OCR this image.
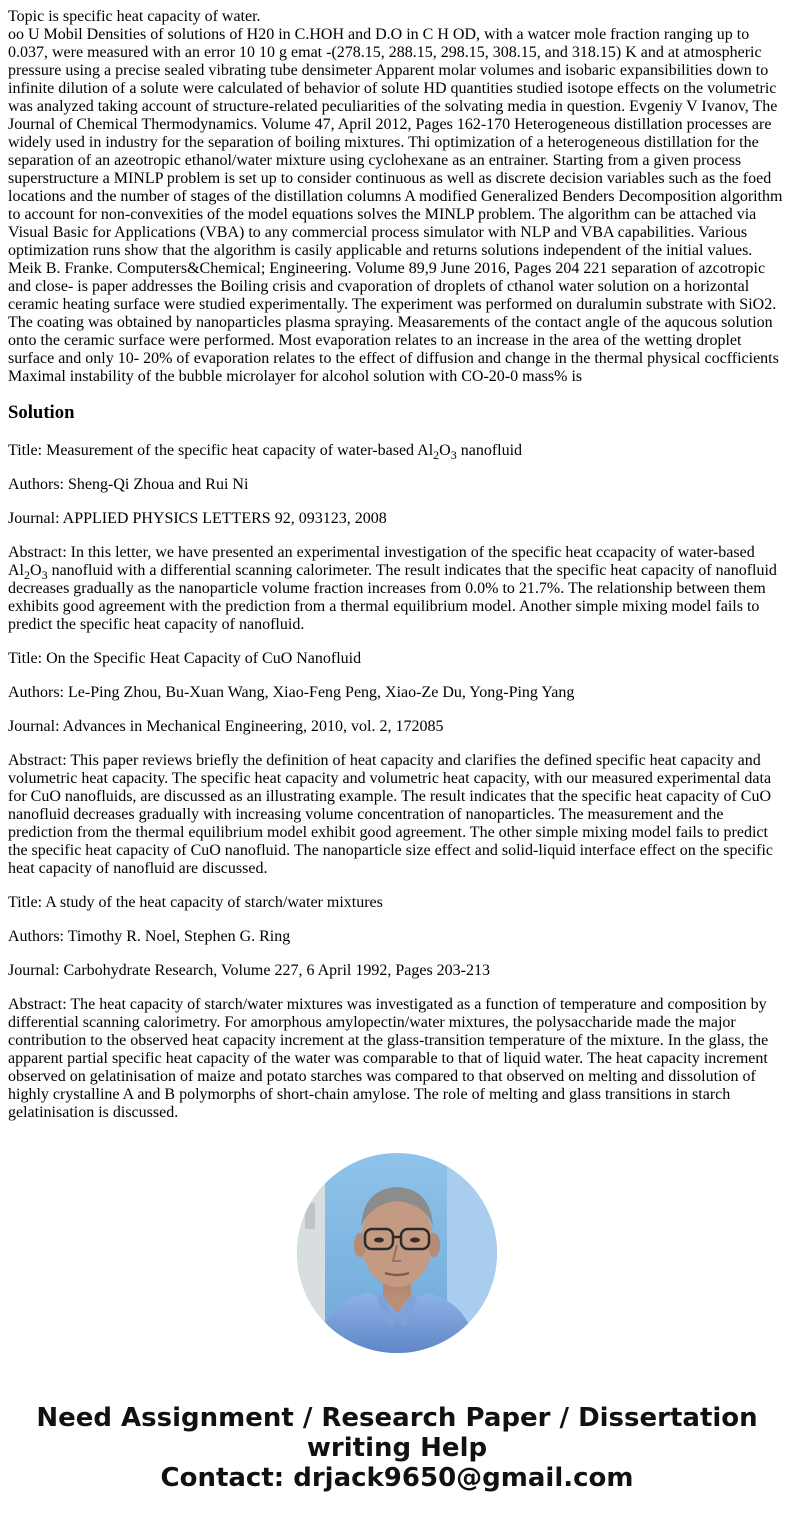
Topic is specific heat capacity of water.

oo U Mobil Densities of solutions of H20 in C.HOH and D.O in C H OD, with a watcer mole fraction ranging up to 0.037, were measured with an error 10 10 g emat -(278.15, 288.15, 298.15, 308.15, and 318.15) K and at atmospheric pressure using a precise sealed vibrating tube densimeter Apparent molar volumes and isobaric expansibilities down to infinite dilution of a solute were calculated of behavior of solute HD quantities studied isotope effects on the volumetric was analyzed taking account of structure-related peculiarities of the solvating media in question. Evgeniy V Ivanov, The Journal of Chemical Thermodynamics. Volume 47, April 2012, Pages 162-170 Heterogeneous distillation processes are widely used in industry for the separation of boiling mixtures. Thi optimization of a heterogeneous distillation for the separation of an azeotropic ethanol/water mixture using cyclohexane as an entrainer. Starting from a given process superstructure a MINLP problem is set up to consider continuous as well as discrete decision variables such as the foed locations and the number of stages of the distillation columns A modified Generalized Benders Decomposition algorithm to account for non-convexities of the model equations solves the MINLP problem. The algorithm can be attached via Visual Basic for Applications (VBA) to any commercial process simulator with NLP and VBA capabilities. Various optimization runs show that the algorithm is casily applicable and returns solutions independent of the initial values. Meik B. Franke. Computers&Chemical; Engineering. Volume 89,9 June 2016, Pages 204 221 separation of azcotropic and close- is paper addresses the Boiling crisis and cvaporation of droplets of cthanol water solution on a horizontal ceramic heating surface were studied experimentally. The experiment was performed on duralumin substrate with SiO2. The coating was obtained by nanoparticles plasma spraying. Measarements of the contact angle of the aqucous solution onto the ceramic surface were performed. Most evaporation relates to an increase in the area of the wetting droplet surface and only 10- 20% of evaporation relates to the effect of diffusion and change in the thermal physical cocfficients Maximal instability of the bubble microlayer for alcohol solution with CO-20-0 mass% is

Solution

Title: Measurement of the specific heat capacity of water-based $Al_2O_3$ nanofluid

Authors: Sheng-Qi Zhoua and Rui Ni

Journal: APPLIED PHYSICS LETTERS 92, 093123, 2008

Abstract: In this letter, we have presented an experimental investigation of the specific heat ccapacity of water-based $Al_2O_3$ nanofluid with a differential scanning calorimeter. The result indicates that the specific heat capacity of nanofluid decreases gradually as the nanoparticle volume fraction increases from 0.0% to 21.7%. The relationship between them exhibits good agreement with the prediction from a thermal equilibrium model. Another simple mixing model fails to predict the specific heat capacity of nanofluid.

Title: On the Specific Heat Capacity of CuO Nanofluid

Authors: Le-Ping Zhou, Bu-Xuan Wang, Xiao-Feng Peng, Xiao-Ze Du, Yong-Ping Yang

Journal: Advances in Mechanical Engineering, 2010, vol. 2, 172085

Abstract: This paper reviews briefly the definition of heat capacity and clarifies the defined specific heat capacity and volumetric heat capacity. The specific heat capacity and volumetric heat capacity, with our measured experimental data for CuO nanofluids, are discussed as an illustrating example. The result indicates that the specific heat capacity of CuO nanofluid decreases gradually with increasing volume concentration of nanoparticles. The measurement and the prediction from the thermal equilibrium model exhibit good agreement. The other simple mixing model fails to predict the specific heat capacity of CuO nanofluid. The nanoparticle size effect and solid-liquid interface effect on the specific heat capacity of nanofluid are discussed.

Title: A study of the heat capacity of starch/water mixtures

Authors: Timothy R. Noel, Stephen G. Ring

Journal: Carbohydrate Research, Volume 227, 6 April 1992, Pages 203-213

Abstract: The heat capacity of starch/water mixtures was investigated as a function of temperature and composition by differential scanning calorimetry. For amorphous amylopectin/water mixtures, the polysaccharide made the major contribution to the observed heat capacity increment at the glass-transition temperature of the mixture. In the glass, the apparent partial specific heat capacity of the water was comparable to that of liquid water. The heat capacity increment observed on gelatinisation of maize and potato starches was compared to that observed on melting and dissolution of highly crystalline A and B polymorphs of short-chain amylose. The role of melting and glass transitions in starch gelatinisation is discussed.

Need Assignment / Research Paper / Dissertation
writing Help
Contact: drjack9650@gmail.com
